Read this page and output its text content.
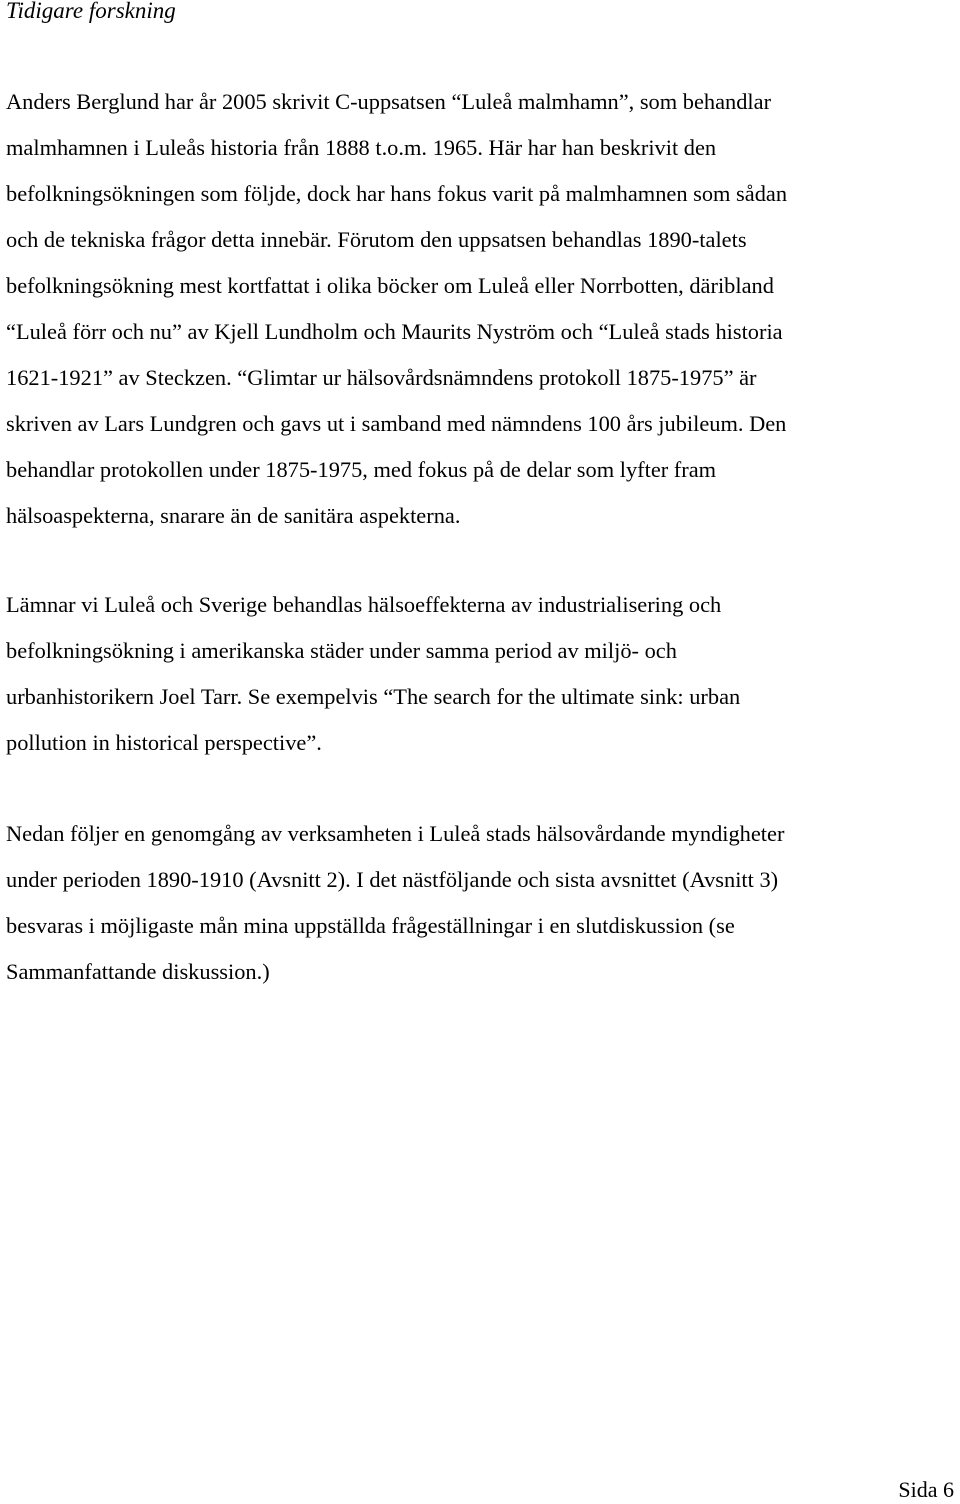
Tidigare forskning

Anders Berglund har år 2005 skrivit C-uppsatsen “Luleå malmhamn”, som behandlar
malmhamnen i Luleås historia från 1888 t.o.m. 1965. Här har han beskrivit den
befolkningsökningen som följde, dock har hans fokus varit på malmhamnen som sådan
och de tekniska frågor detta innebär. Förutom den uppsatsen behandlas 1890-talets
befolkningsökning mest kortfattat i olika böcker om Luleå eller Norrbotten, däribland
“Luleå förr och nu” av Kjell Lundholm och Maurits Nyström och “Luleå stads historia
1621-1921” av Steckzen. “Glimtar ur hälsovårdsnämndens protokoll 1875-1975” är
skriven av Lars Lundgren och gavs ut i samband med nämndens 100 års jubileum. Den
behandlar protokollen under 1875-1975, med fokus på de delar som lyfter fram
hälsoaspekterna, snarare än de sanitära aspekterna.

Lämnar vi Luleå och Sverige behandlas hälsoeffekterna av industrialisering och
befolkningsökning i amerikanska städer under samma period av miljö- och
urbanhistorikern Joel Tarr. Se exempelvis “The search for the ultimate sink: urban
pollution in historical perspective”.

Nedan följer en genomgång av verksamheten i Luleå stads hälsovårdande myndigheter
under perioden 1890-1910 (Avsnitt 2). I det nästföljande och sista avsnittet (Avsnitt 3)
besvaras i möjligaste mån mina uppställda frågeställningar i en slutdiskussion (se
Sammanfattande diskussion.)

Sida 6
